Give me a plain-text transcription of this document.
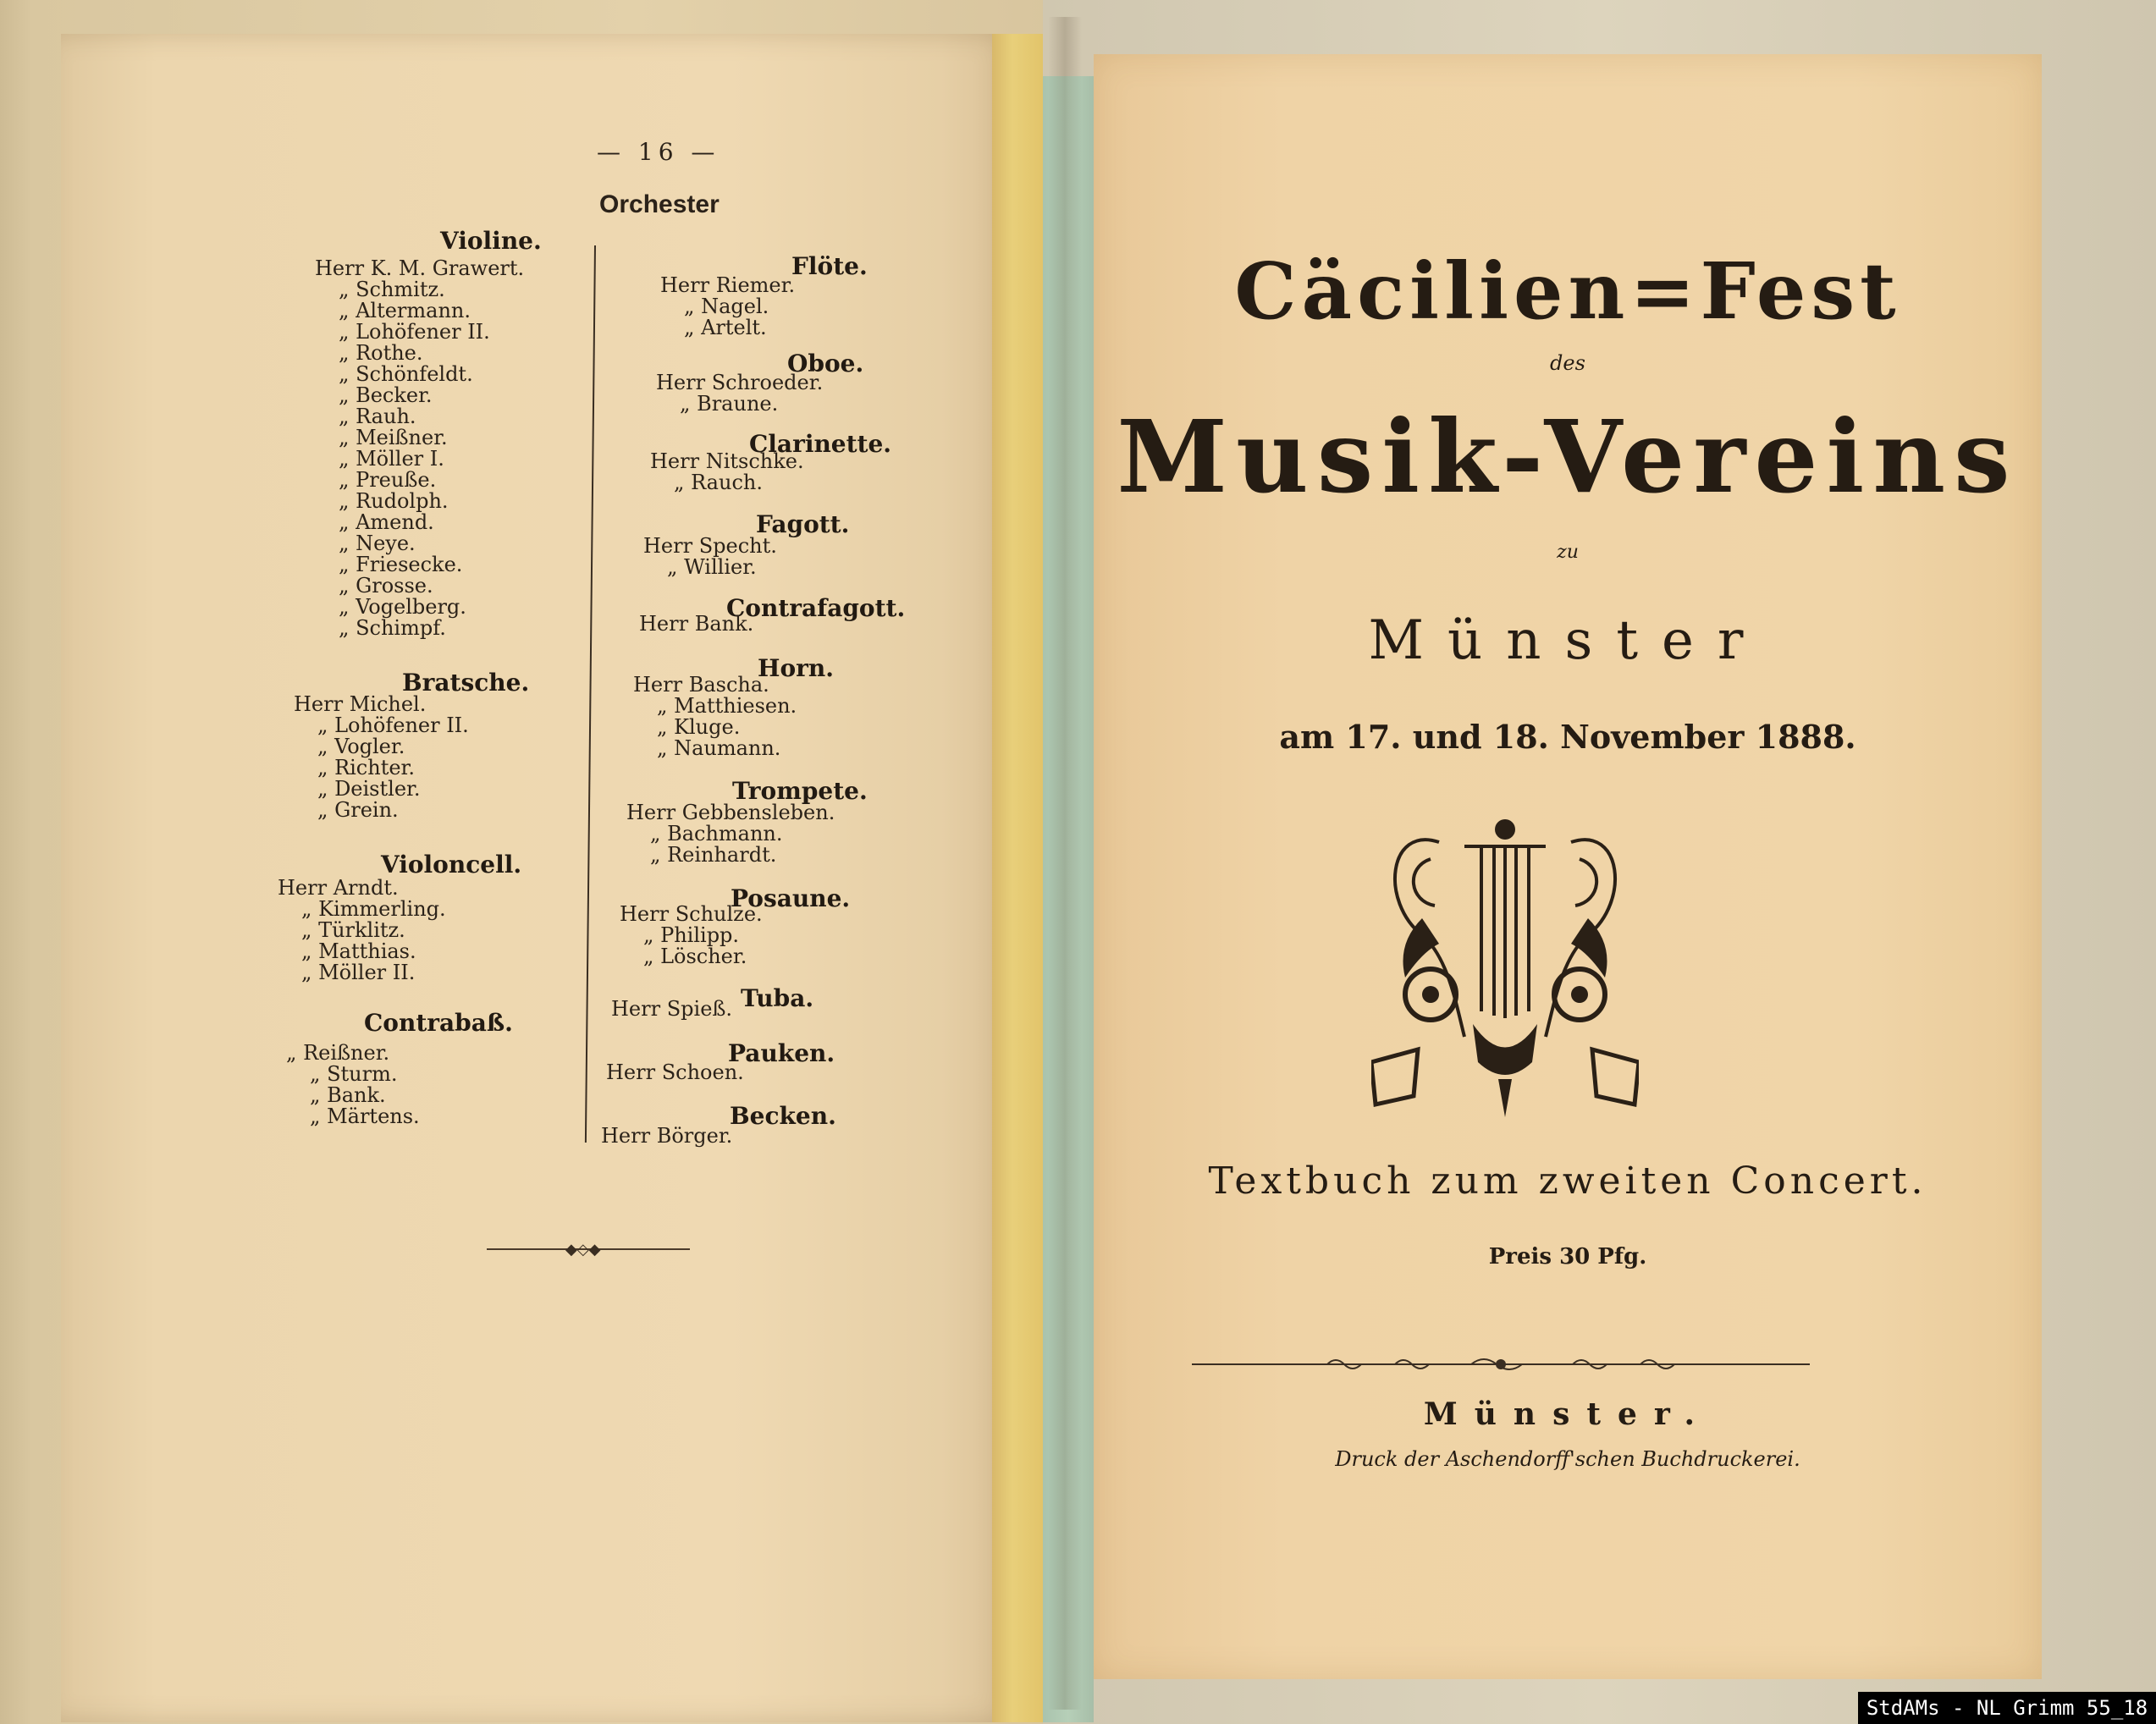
— 16 —
Orchester
Violine.
Herr K. M. Grawert.
„ Schmitz.
„ Altermann.
„ Lohöfener II.
„ Rothe.
„ Schönfeldt.
„ Becker.
„ Rauh.
„ Meißner.
„ Möller I.
„ Preuße.
„ Rudolph.
„ Amend.
„ Neye.
„ Friesecke.
„ Grosse.
„ Vogelberg.
„ Schimpf.
Bratsche.
Herr Michel.
„ Lohöfener II.
„ Vogler.
„ Richter.
„ Deistler.
„ Grein.
Violoncell.
Herr Arndt.
„ Kimmerling.
„ Türklitz.
„ Matthias.
„ Möller II.
Contrabaß.
„ Reißner.
„ Sturm.
„ Bank.
„ Märtens.
Flöte.
Herr Riemer.
„ Nagel.
„ Artelt.
Oboe.
Herr Schroeder.
„ Braune.
Clarinette.
Herr Nitschke.
„ Rauch.
Fagott.
Herr Specht.
„ Willier.
Contrafagott.
Herr Bank.
Horn.
Herr Bascha.
„ Matthiesen.
„ Kluge.
„ Naumann.
Trompete.
Herr Gebbensleben.
„ Bachmann.
„ Reinhardt.
Posaune.
Herr Schulze.
„ Philipp.
„ Löscher.
Tuba.
Herr Spieß.
Pauken.
Herr Schoen.
Becken.
Herr Börger.
◆◇◆
Cäcilien=Fest
des
Musik-Vereins
zu
Münster
am 17. und 18. November 1888.
Textbuch zum zweiten Concert.
Preis 30 Pfg.
Münster.
Druck der Aschendorff'schen Buchdruckerei.
StdAMs - NL Grimm 55_18
